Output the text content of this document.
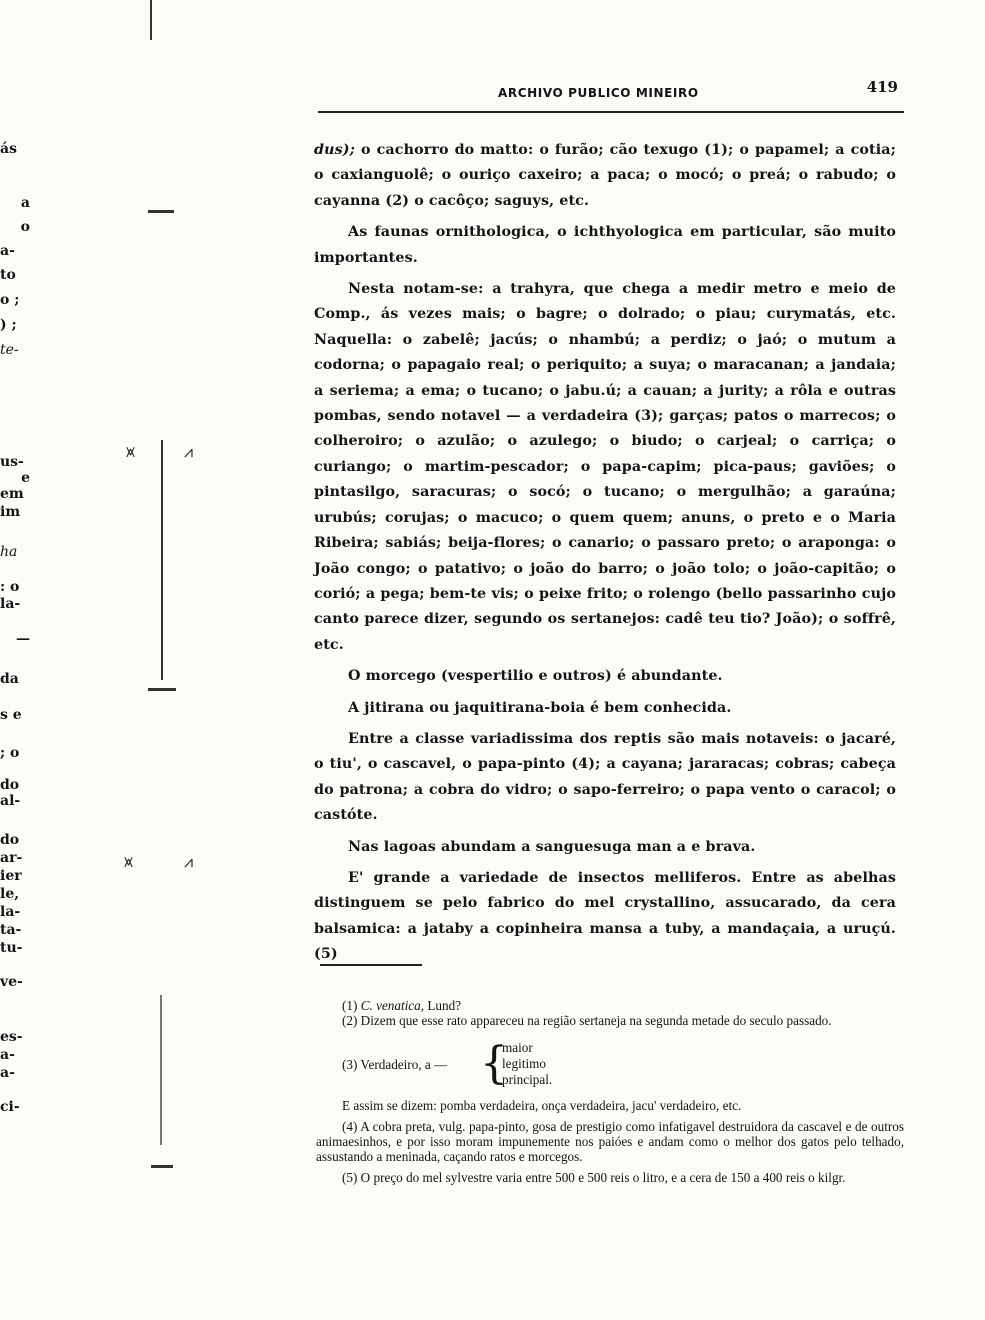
ás
a
o
a-
to
o ;
) ;
te-
us-
e
em
im
ha
: o
la-
—
da
s e
; o
do
al-
do
ar-
ier
le,
la-
ta-
tu-
ve-
es-
a-
a-
ci-
⩙	⩘
⩙	⩘
ARCHIVO PUBLICO MINEIRO	419

dus); o cachorro do matto: o furão; cão texugo (1); o papamel; a cotia; o caxianguolê; o ouriço caxeiro; a paca; o mocó; o preá; o rabudo; o cayanna (2) o cacôço; saguys, etc.

As faunas ornithologica, o ichthyologica em particular, são muito importantes.

Nesta notam-se: a trahyra, que chega a medir metro e meio de Comp., ás vezes mais; o bagre; o dolrado; o piau; curymatás, etc. Naquella: o zabelê; jacús; o nhambú; a perdiz; o jaó; o mutum a codorna; o papagaio real; o periquito; a suya; o maracanan; a jandaia; a seriema; a ema; o tucano; o jabu.ú; a cauan; a jurity; a rôla e outras pombas, sendo notavel — a verdadeira (3); garças; patos o marrecos; o colheroiro; o azulão; o azulego; o biudo; o carjeal; o carriça; o curiango; o martim-pescador; o papa-capim; pica-paus; gaviões; o pintasilgo, saracuras; o socó; o tucano; o mergulhão; a garaúna; urubús; corujas; o macuco; o quem quem; anuns, o preto e o Maria Ribeira; sabiás; beija-flores; o canario; o passaro preto; o araponga: o João congo; o patativo; o joão do barro; o joão tolo; o joão-capitão; o corió; a pega; bem-te vis; o peixe frito; o rolengo (bello passarinho cujo canto parece dizer, segundo os sertanejos: cadê teu tio? João); o soffrê, etc.

O morcego (vespertilio e outros) é abundante.

A jitirana ou jaquitirana-boia é bem conhecida.

Entre a classe variadissima dos reptis são mais notaveis: o jacaré, o tiu', o cascavel, o papa-pinto (4); a cayana; jararacas; cobras; cabeça do patrona; a cobra do vidro; o sapo-ferreiro; o papa vento o caracol; o castóte.

Nas lagoas abundam a sanguesuga man a e brava.

E' grande a variedade de insectos melliferos. Entre as abelhas distinguem se pelo fabrico do mel crystallino, assucarado, da cera balsamica: a jataby a copinheira mansa a tuby, a mandaçaia, a uruçú. (5)

(1) C. venatica, Lund?

(2) Dizem que esse rato appareceu na região sertaneja na segunda metade do seculo passado.

(3) Verdadeiro, a — {
maior
legitimo
principal.

E assim se dizem: pomba verdadeira, onça verdadeira, jacu' verdadeiro, etc.

(4) A cobra preta, vulg. papa-pinto, gosa de prestigio como infatigavel destruidora da cascavel e de outros animaesinhos, e por isso moram impunemente nos paióes e andam como o melhor dos gatos pelo telhado, assustando a meninada, caçando ratos e morcegos.

(5) O preço do mel sylvestre varia entre 500 e 500 reis o litro, e a cera de 150 a 400 reis o kilgr.
